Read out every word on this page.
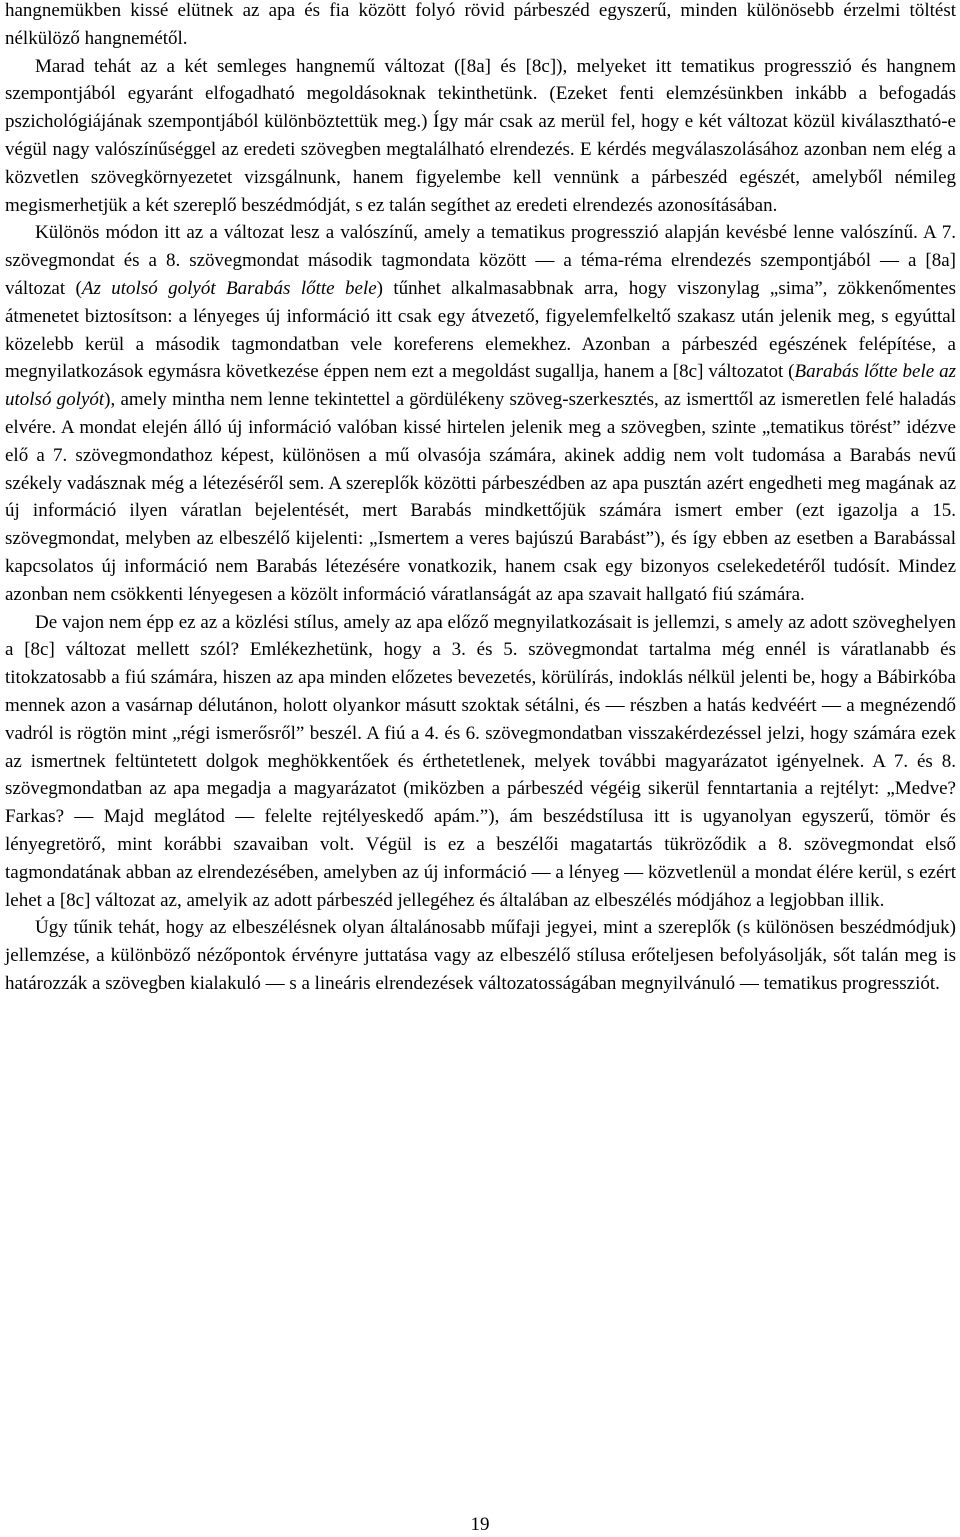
hangnemükben kissé elütnek az apa és fia között folyó rövid párbeszéd egyszerű, minden különösebb érzelmi töltést nélkülöző hangnemétől.

Marad tehát az a két semleges hangnemű változat ([8a] és [8c]), melyeket itt tematikus progresszió és hangnem szempontjából egyaránt elfogadható megoldásoknak tekinthetünk. (Ezeket fenti elemzésünkben inkább a befogadás pszichológiájának szempontjából különböztettük meg.) Így már csak az merül fel, hogy e két változat közül kiválasztható-e végül nagy valószínűséggel az eredeti szövegben megtalálható elrendezés. E kérdés megválaszolásához azonban nem elég a közvetlen szövegkörnyezetet vizsgálnunk, hanem figyelembe kell vennünk a párbeszéd egészét, amelyből némileg megismerhetjük a két szereplő beszédmódját, s ez talán segíthet az eredeti elrendezés azonosításában.

Különös módon itt az a változat lesz a valószínű, amely a tematikus progresszió alapján kevésbé lenne valószínű. A 7. szövegmondat és a 8. szövegmondat második tagmondata között — a téma-réma elrendezés szempontjából — a [8a] változat (Az utolsó golyót Barabás lőtte bele) tűnhet alkalmasabbnak arra, hogy viszonylag „sima”, zökkenőmentes átmenetet biztosítson: a lényeges új információ itt csak egy átvezető, figyelemfelkeltő szakasz után jelenik meg, s egyúttal közelebb kerül a második tagmondatban vele koreferens elemekhez. Azonban a párbeszéd egészének felépítése, a megnyilatkozások egymásra következése éppen nem ezt a megoldást sugallja, hanem a [8c] változatot (Barabás lőtte bele az utolsó golyót), amely mintha nem lenne tekintettel a gördülékeny szöveg-szerkesztés, az ismerttől az ismeretlen felé haladás elvére. A mondat elején álló új információ valóban kissé hirtelen jelenik meg a szövegben, szinte „tematikus törést” idézve elő a 7. szövegmondathoz képest, különösen a mű olvasója számára, akinek addig nem volt tudomása a Barabás nevű székely vadásznak még a létezéséről sem. A szereplők közötti párbeszédben az apa pusztán azért engedheti meg magának az új információ ilyen váratlan bejelentését, mert Barabás mindkettőjük számára ismert ember (ezt igazolja a 15. szövegmondat, melyben az elbeszélő kijelenti: „Ismertem a veres bajúszú Barabást”), és így ebben az esetben a Barabással kapcsolatos új információ nem Barabás létezésére vonatkozik, hanem csak egy bizonyos cselekedetéről tudósít. Mindez azonban nem csökkenti lényegesen a közölt információ váratlanságát az apa szavait hallgató fiú számára.

De vajon nem épp ez az a közlési stílus, amely az apa előző megnyilatkozásait is jellemzi, s amely az adott szöveghelyen a [8c] változat mellett szól? Emlékezhetünk, hogy a 3. és 5. szövegmondat tartalma még ennél is váratlanabb és titokzatosabb a fiú számára, hiszen az apa minden előzetes bevezetés, körülírás, indoklás nélkül jelenti be, hogy a Bábirkóba mennek azon a vasárnap délutánon, holott olyankor másutt szoktak sétálni, és — részben a hatás kedvéért — a megnézendő vadról is rögtön mint „régi ismerősről” beszél. A fiú a 4. és 6. szövegmondatban visszakérdezéssel jelzi, hogy számára ezek az ismertnek feltüntetett dolgok meghökkentőek és érthetetlenek, melyek további magyarázatot igényelnek. A 7. és 8. szövegmondatban az apa megadja a magyarázatot (miközben a párbeszéd végéig sikerül fenntartania a rejtélyt: „Medve? Farkas? — Majd meglátod — felelte rejtélyeskedő apám.”), ám beszédstílusa itt is ugyanolyan egyszerű, tömör és lényegretörő, mint korábbi szavaiban volt. Végül is ez a beszélői magatartás tükröződik a 8. szövegmondat első tagmondatának abban az elrendezésében, amelyben az új információ — a lényeg — közvetlenül a mondat élére kerül, s ezért lehet a [8c] változat az, amelyik az adott párbeszéd jellegéhez és általában az elbeszélés módjához a legjobban illik.

Úgy tűnik tehát, hogy az elbeszélésnek olyan általánosabb műfaji jegyei, mint a szereplők (s különösen beszédmódjuk) jellemzése, a különböző nézőpontok érvényre juttatása vagy az elbeszélő stílusa erőteljesen befolyásolják, sőt talán meg is határozzák a szövegben kialakuló — s a lineáris elrendezések változatosságában megnyilvánuló — tematikus progressziót.

19
